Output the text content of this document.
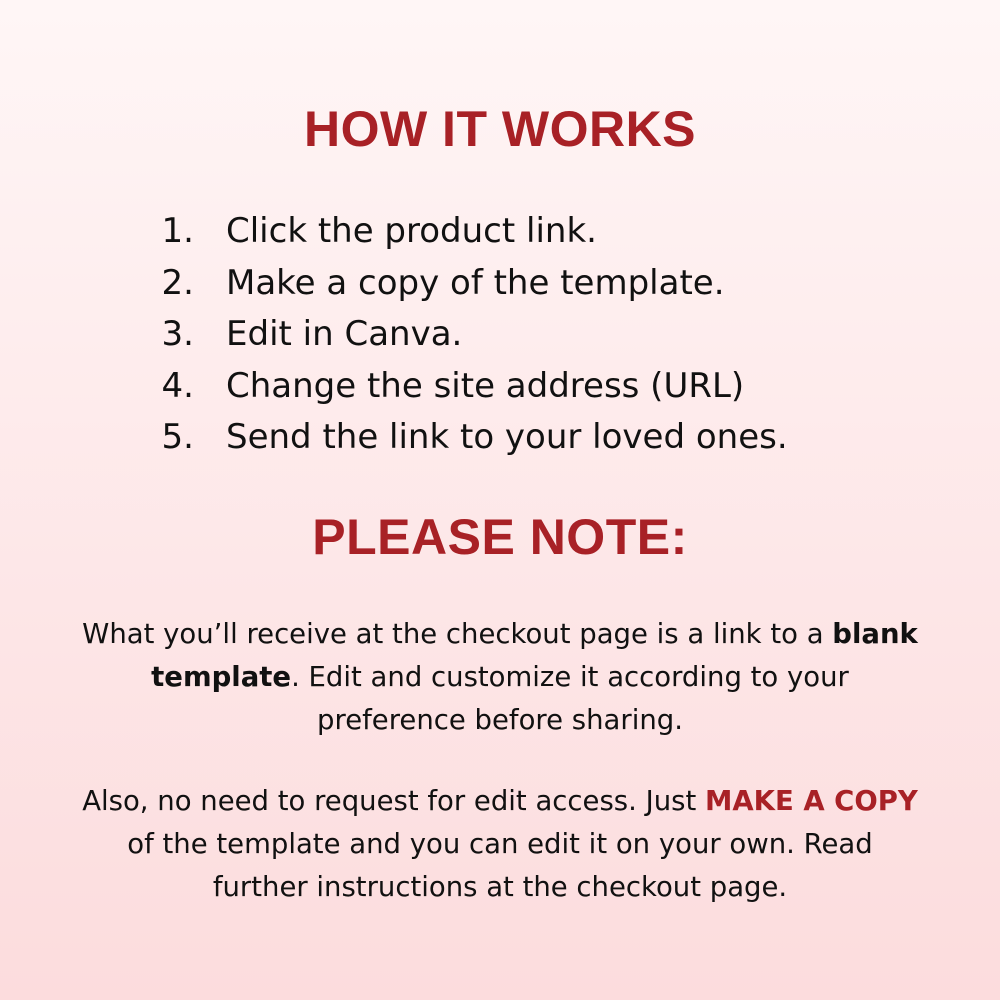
HOW IT WORKS
1. Click the product link.
2. Make a copy of the template.
3. Edit in Canva.
4. Change the site address (URL)
5. Send the link to your loved ones.
PLEASE NOTE:

What you’ll receive at the checkout page is a link to a blank template. Edit and customize it according to your preference before sharing.

Also, no need to request for edit access. Just MAKE A COPY of the template and you can edit it on your own. Read further instructions at the checkout page.
